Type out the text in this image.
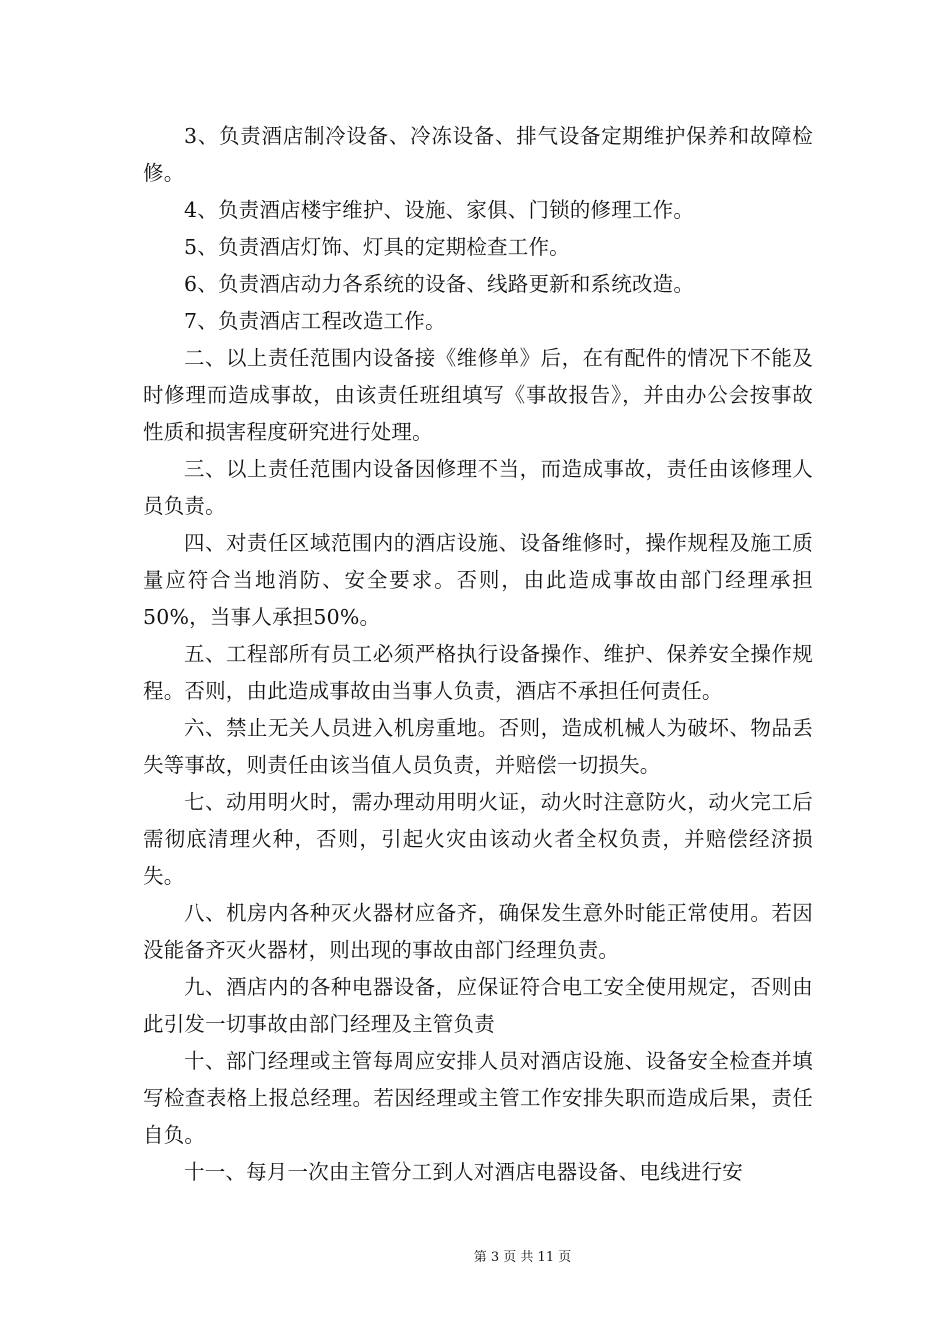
3、负责酒店制冷设备、冷冻设备、排气设备定期维护保养和故障检修。

4、负责酒店楼宇维护、设施、家俱、门锁的修理工作。

5、负责酒店灯饰、灯具的定期检查工作。

6、负责酒店动力各系统的设备、线路更新和系统改造。

7、负责酒店工程改造工作。

二、以上责任范围内设备接《维修单》后，在有配件的情况下不能及时修理而造成事故，由该责任班组填写《事故报告》，并由办公会按事故性质和损害程度研究进行处理。

三、以上责任范围内设备因修理不当，而造成事故，责任由该修理人员负责。

四、对责任区域范围内的酒店设施、设备维修时，操作规程及施工质量应符合当地消防、安全要求。否则，由此造成事故由部门经理承担50%，当事人承担50%。

五、工程部所有员工必须严格执行设备操作、维护、保养安全操作规程。否则，由此造成事故由当事人负责，酒店不承担任何责任。

六、禁止无关人员进入机房重地。否则，造成机械人为破坏、物品丢失等事故，则责任由该当值人员负责，并赔偿一切损失。

七、动用明火时，需办理动用明火证，动火时注意防火，动火完工后需彻底清理火种，否则，引起火灾由该动火者全权负责，并赔偿经济损失。

八、机房内各种灭火器材应备齐，确保发生意外时能正常使用。若因没能备齐灭火器材，则出现的事故由部门经理负责。

九、酒店内的各种电器设备，应保证符合电工安全使用规定，否则由此引发一切事故由部门经理及主管负责

十、部门经理或主管每周应安排人员对酒店设施、设备安全检查并填写检查表格上报总经理。若因经理或主管工作安排失职而造成后果，责任自负。

十一、每月一次由主管分工到人对酒店电器设备、电线进行安

第 3 页 共 11 页
